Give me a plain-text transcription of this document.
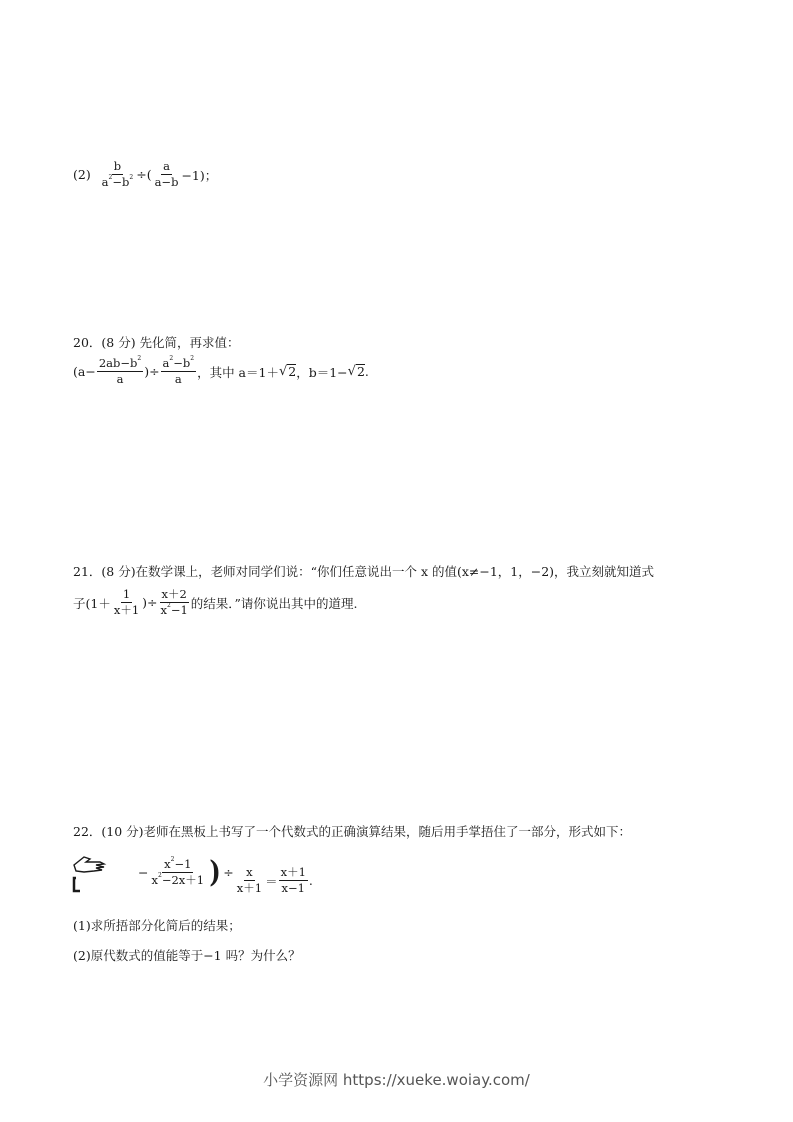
(2)
$\frac{b}{a^2-b^2}$ ÷ ( $\frac{a}{a-b} -1$)；
20．(8 分) 先化简，再求值：
($a- \frac{2ab-b^2}{a}$ )÷ $\frac{a^2-b^2}{a}$ ，其中 a＝1＋ √ 2 ，b＝1− √ 2 .
21．(8 分)在数学课上，老师对同学们说：“你们任意说出一个 x 的值(x≠−1，1，−2)，我立刻就知道式
子($1+ \frac{1}{x+1}$ )÷ $\frac{x+2}{x^2-1}$ 的结果．”请你说出其中的道理.
22．(10 分)老师在黑板上书写了一个代数式的正确演算结果，随后用手掌捂住了一部分，形式如下：
− $\frac{x^2-1}{x^2-2x+1}$ ) ÷ $\frac{x}{x+1} = \frac{x+1}{x-1}$ .
(1)求所捂部分化简后的结果；
(2)原代数式的值能等于−1 吗？为什么？
小学资源网 https://xueke.woiay.com/
